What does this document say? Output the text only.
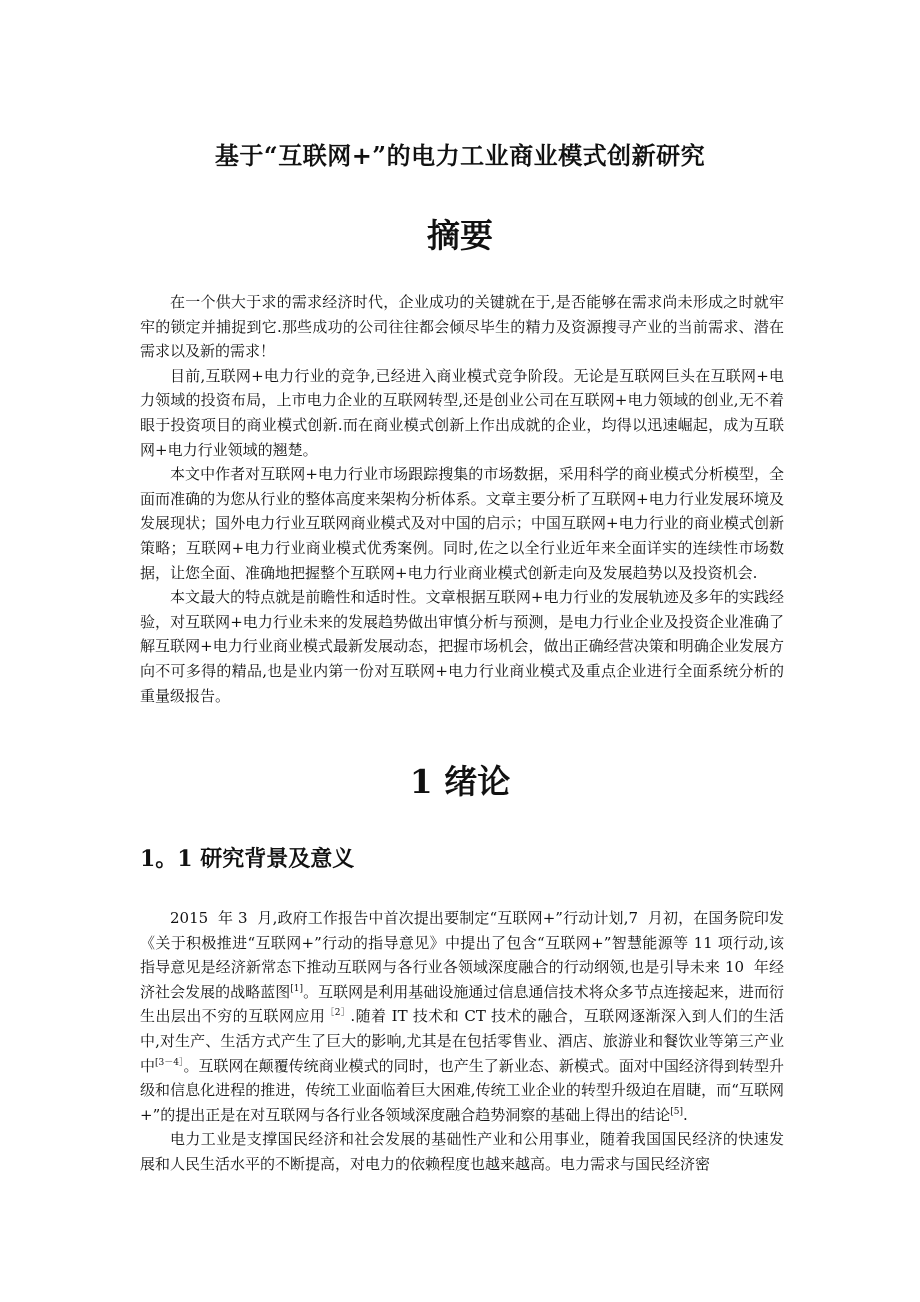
基于“互联网+”的电力工业商业模式创新研究
摘要

在一个供大于求的需求经济时代，企业成功的关键就在于,是否能够在需求尚未形成之时就牢牢的锁定并捕捉到它.那些成功的公司往往都会倾尽毕生的精力及资源搜寻产业的当前需求、潜在需求以及新的需求！

目前,互联网+电力行业的竞争,已经进入商业模式竞争阶段。无论是互联网巨头在互联网+电力领域的投资布局，上市电力企业的互联网转型,还是创业公司在互联网+电力领域的创业,无不着眼于投资项目的商业模式创新.而在商业模式创新上作出成就的企业，均得以迅速崛起，成为互联网+电力行业领域的翘楚。

本文中作者对互联网+电力行业市场跟踪搜集的市场数据，采用科学的商业模式分析模型，全面而准确的为您从行业的整体高度来架构分析体系。文章主要分析了互联网+电力行业发展环境及发展现状；国外电力行业互联网商业模式及对中国的启示；中国互联网+电力行业的商业模式创新策略；互联网+电力行业商业模式优秀案例。同时,佐之以全行业近年来全面详实的连续性市场数据，让您全面、准确地把握整个互联网+电力行业商业模式创新走向及发展趋势以及投资机会.

本文最大的特点就是前瞻性和适时性。文章根据互联网+电力行业的发展轨迹及多年的实践经验，对互联网+电力行业未来的发展趋势做出审慎分析与预测，是电力行业企业及投资企业准确了解互联网+电力行业商业模式最新发展动态，把握市场机会，做出正确经营决策和明确企业发展方向不可多得的精品,也是业内第一份对互联网+电力行业商业模式及重点企业进行全面系统分析的重量级报告。

1 绪论
1。1 研究背景及意义

2015  年 3  月,政府工作报告中首次提出要制定“互联网+”行动计划,7  月初，在国务院印发《关于积极推进“互联网+”行动的指导意见》中提出了包含“互联网+”智慧能源等 11 项行动,该指导意见是经济新常态下推动互联网与各行业各领域深度融合的行动纲领,也是引导未来 10  年经济社会发展的战略蓝图[1]。互联网是利用基础设施通过信息通信技术将众多节点连接起来，进而衍生出层出不穷的互联网应用$^{[2]}$.随着 IT 技术和 CT 技术的融合，互联网逐渐深入到人们的生活中,对生产、生活方式产生了巨大的影响,尤其是在包括零售业、酒店、旅游业和餐饮业等第三产业中$^{[3-4]}$。互联网在颠覆传统商业模式的同时，也产生了新业态、新模式。面对中国经济得到转型升级和信息化进程的推进，传统工业面临着巨大困难,传统工业企业的转型升级迫在眉睫，而“互联网+”的提出正是在对互联网与各行业各领域深度融合趋势洞察的基础上得出的结论[5].

电力工业是支撑国民经济和社会发展的基础性产业和公用事业，随着我国国民经济的快速发展和人民生活水平的不断提高，对电力的依赖程度也越来越高。电力需求与国民经济密
